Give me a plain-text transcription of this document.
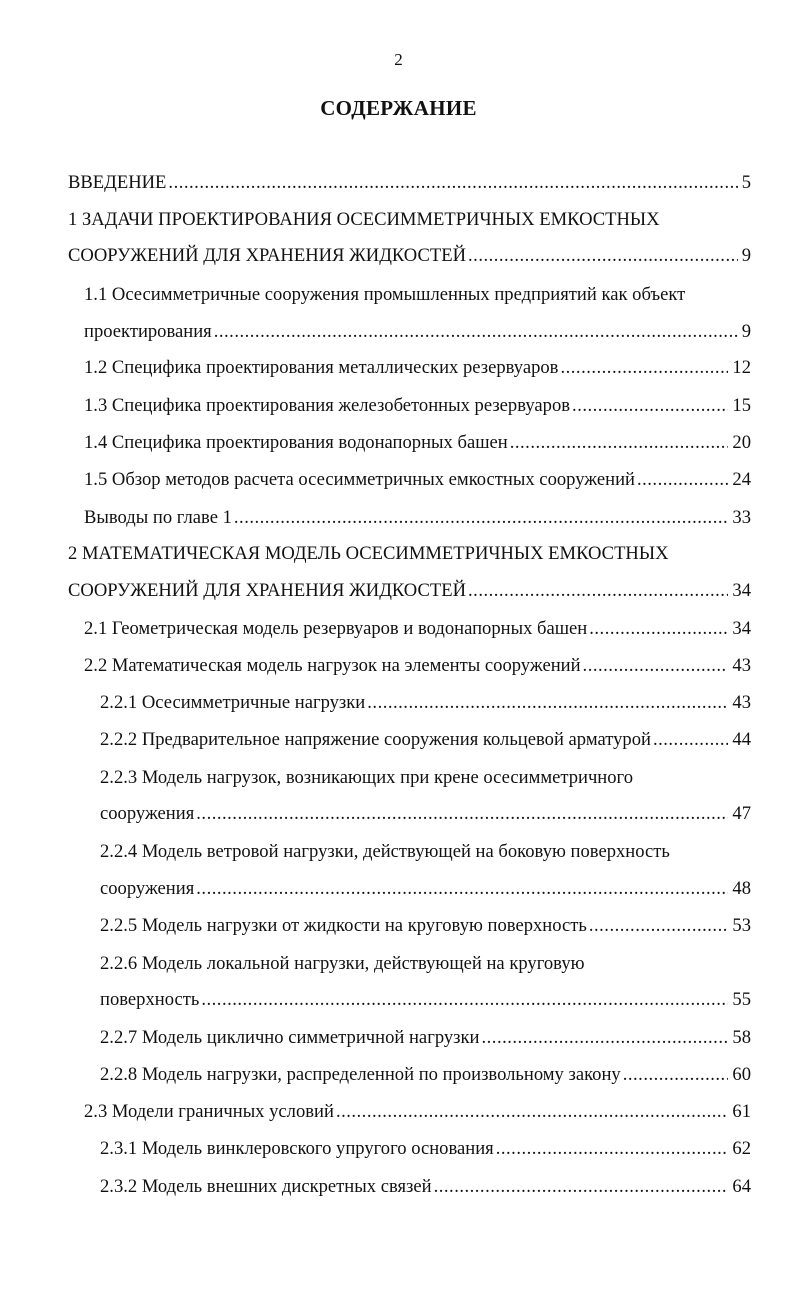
2
СОДЕРЖАНИЕ
ВВЕДЕНИЕ .....	5
1 ЗАДАЧИ ПРОЕКТИРОВАНИЯ ОСЕСИММЕТРИЧНЫХ ЕМКОСТНЫХ
СООРУЖЕНИЙ ДЛЯ ХРАНЕНИЯ ЖИДКОСТЕЙ .....	9
1.1 Осесимметричные сооружения промышленных предприятий как объект
проектирования .....	9
1.2 Специфика проектирования металлических резервуаров .....	12
1.3 Специфика проектирования железобетонных резервуаров .....	15
1.4 Специфика проектирования водонапорных башен .....	20
1.5 Обзор методов расчета осесимметричных емкостных сооружений .....	24
Выводы по главе 1 .....	33
2 МАТЕМАТИЧЕСКАЯ МОДЕЛЬ ОСЕСИММЕТРИЧНЫХ ЕМКОСТНЫХ
СООРУЖЕНИЙ ДЛЯ ХРАНЕНИЯ ЖИДКОСТЕЙ .....	34
2.1 Геометрическая модель резервуаров и водонапорных башен .....	34
2.2 Математическая модель нагрузок на элементы сооружений .....	43
2.2.1 Осесимметричные нагрузки .....	43
2.2.2 Предварительное напряжение сооружения кольцевой арматурой .....	44
2.2.3 Модель нагрузок, возникающих при крене осесимметричного
сооружения .....	47
2.2.4 Модель ветровой нагрузки, действующей на боковую поверхность
сооружения .....	48
2.2.5 Модель нагрузки от жидкости на круговую поверхность .....	53
2.2.6 Модель локальной нагрузки, действующей на круговую
поверхность .....	55
2.2.7 Модель циклично симметричной нагрузки .....	58
2.2.8 Модель нагрузки, распределенной по произвольному закону .....	60
2.3 Модели граничных условий .....	61
2.3.1 Модель винклеровского упругого основания .....	62
2.3.2 Модель внешних дискретных связей .....	64
